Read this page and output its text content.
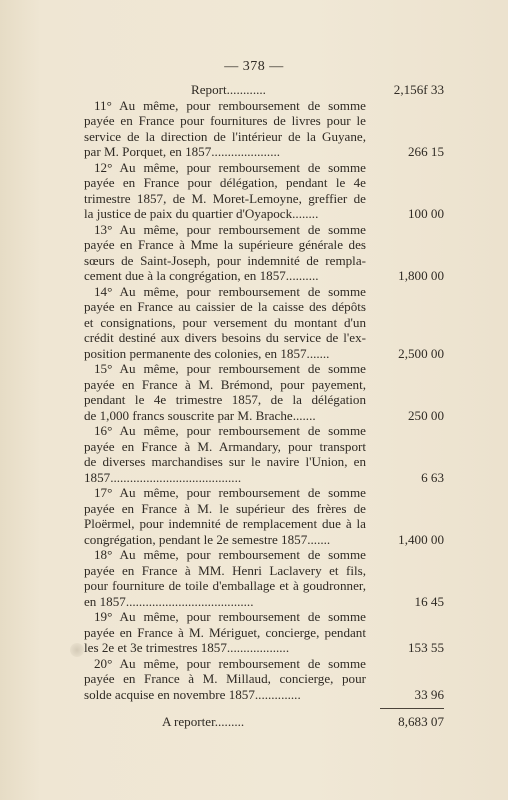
— 378 —
Report............	2,156f 33
11° Au même, pour remboursement de somme
payée en France pour fournitures de livres pour le
service de la direction de l'intérieur de la Guyane,
par M. Porquet, en 1857.....................	266 15
12° Au même, pour remboursement de somme
payée en France pour délégation, pendant le 4e
trimestre 1857, de M. Moret-Lemoyne, greffier de
la justice de paix du quartier d'Oyapock........	100 00
13° Au même, pour remboursement de somme
payée en France à Mme la supérieure générale des
sœurs de Saint-Joseph, pour indemnité de rempla-
cement due à la congrégation, en 1857..........	1,800 00
14° Au même, pour remboursement de somme
payée en France au caissier de la caisse des dépôts
et consignations, pour versement du montant d'un
crédit destiné aux divers besoins du service de l'ex-
position permanente des colonies, en 1857.......	2,500 00
15° Au même, pour remboursement de somme
payée en France à M. Brémond, pour payement,
pendant le 4e trimestre 1857, de la délégation
de 1,000 francs souscrite par M. Brache.......	250 00
16° Au même, pour remboursement de somme
payée en France à M. Armandary, pour transport
de diverses marchandises sur le navire l'Union, en
1857........................................	6 63
17° Au même, pour remboursement de somme
payée en France à M. le supérieur des frères de
Ploërmel, pour indemnité de remplacement due à la
congrégation, pendant le 2e semestre 1857.......	1,400 00
18° Au même, pour remboursement de somme
payée en France à MM. Henri Laclavery et fils,
pour fourniture de toile d'emballage et à goudronner,
en 1857.......................................	16 45
19° Au même, pour remboursement de somme
payée en France à M. Mériguet, concierge, pendant
les 2e et 3e trimestres 1857...................	153 55
20° Au même, pour remboursement de somme
payée en France à M. Millaud, concierge, pour
solde acquise en novembre 1857..............	33 96
A reporter.........	8,683 07
